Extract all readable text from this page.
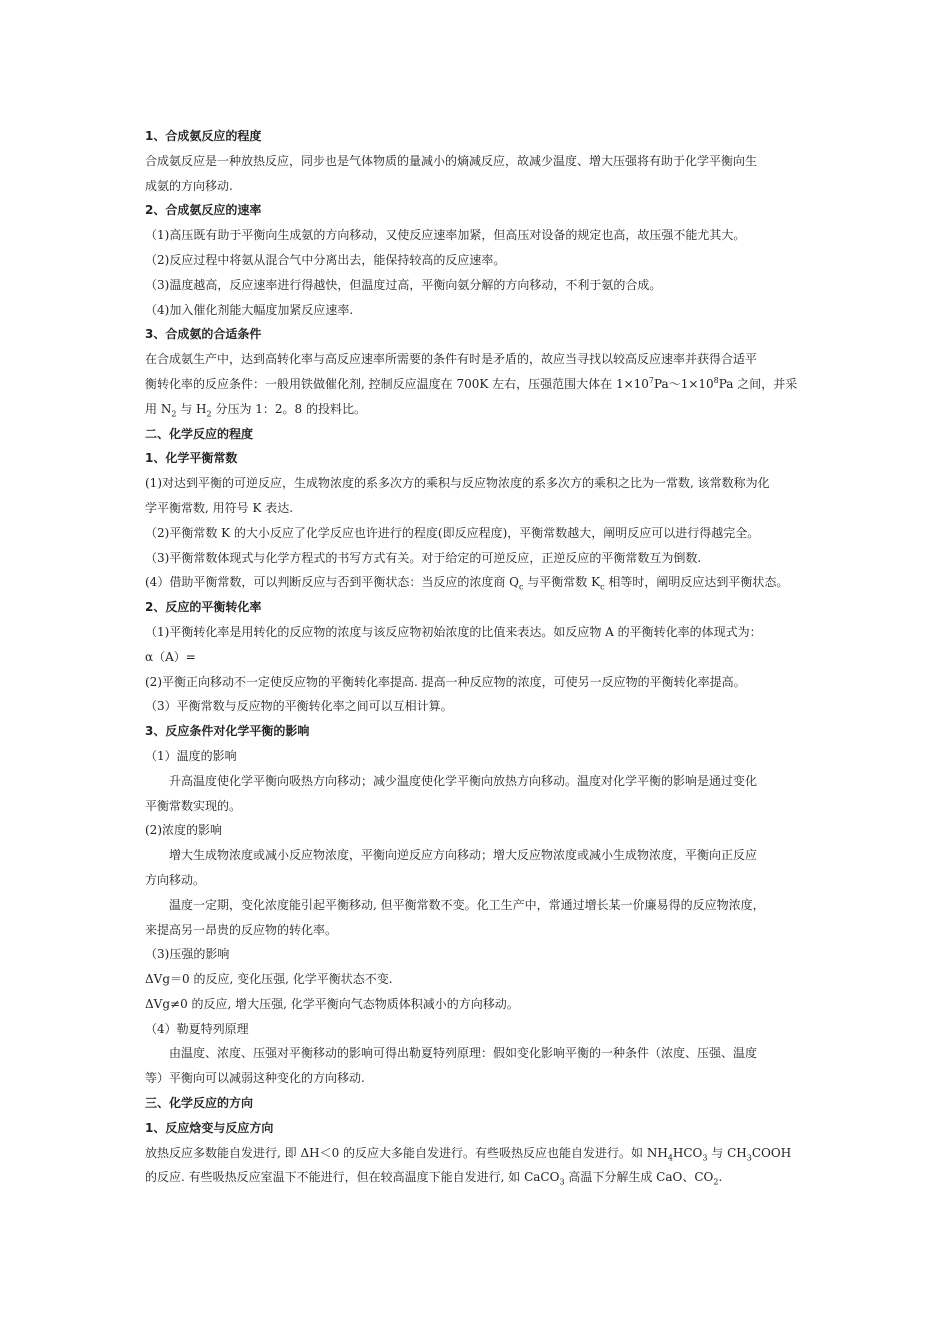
1、合成氨反应的程度
合成氨反应是一种放热反应，同步也是气体物质的量减小的熵减反应，故减少温度、增大压强将有助于化学平衡向生
成氨的方向移动.
2、合成氨反应的速率
（1)高压既有助于平衡向生成氨的方向移动，又使反应速率加紧，但高压对设备的规定也高，故压强不能尤其大。
（2)反应过程中将氨从混合气中分离出去，能保持较高的反应速率。
（3)温度越高，反应速率进行得越快，但温度过高，平衡向氨分解的方向移动，不利于氨的合成。
（4)加入催化剂能大幅度加紧反应速率.
3、合成氨的合适条件
在合成氨生产中，达到高转化率与高反应速率所需要的条件有时是矛盾的，故应当寻找以较高反应速率并获得合适平
衡转化率的反应条件：一般用铁做催化剂, 控制反应温度在 700K 左右，压强范围大体在 $1\times 10^7Pa\sim 1\times 10^8Pa$ 之间，并采
用 $N_2$ 与 $H_2$ 分压为 1：2。8 的投料比。
二、化学反应的程度
1、化学平衡常数
(1)对达到平衡的可逆反应，生成物浓度的系多次方的乘积与反应物浓度的系多次方的乘积之比为一常数, 该常数称为化
学平衡常数, 用符号 K 表达.
（2)平衡常数 K 的大小反应了化学反应也许进行的程度(即反应程度)，平衡常数越大，阐明反应可以进行得越完全。
（3)平衡常数体现式与化学方程式的书写方式有关。对于给定的可逆反应，正逆反应的平衡常数互为倒数.
(4）借助平衡常数，可以判断反应与否到平衡状态：当反应的浓度商 $Q_c$ 与平衡常数 $K_c$ 相等时，阐明反应达到平衡状态。
2、反应的平衡转化率
（1)平衡转化率是用转化的反应物的浓度与该反应物初始浓度的比值来表达。如反应物 A 的平衡转化率的体现式为：
α（A）=
(2)平衡正向移动不一定使反应物的平衡转化率提高. 提高一种反应物的浓度，可使另一反应物的平衡转化率提高。
（3）平衡常数与反应物的平衡转化率之间可以互相计算。
3、反应条件对化学平衡的影响
（1）温度的影响
升高温度使化学平衡向吸热方向移动；减少温度使化学平衡向放热方向移动。温度对化学平衡的影响是通过变化
平衡常数实现的。
(2)浓度的影响
增大生成物浓度或减小反应物浓度，平衡向逆反应方向移动；增大反应物浓度或减小生成物浓度，平衡向正反应
方向移动。
温度一定期，变化浓度能引起平衡移动, 但平衡常数不变。化工生产中，常通过增长某一价廉易得的反应物浓度，
来提高另一昂贵的反应物的转化率。
（3)压强的影响
ΔVg＝0 的反应, 变化压强, 化学平衡状态不变.
ΔVg≠0 的反应, 增大压强, 化学平衡向气态物质体积减小的方向移动。
（4）勒夏特列原理
由温度、浓度、压强对平衡移动的影响可得出勒夏特列原理：假如变化影响平衡的一种条件（浓度、压强、温度
等）平衡向可以减弱这种变化的方向移动.
三、化学反应的方向
1、反应焓变与反应方向
放热反应多数能自发进行, 即 ΔH＜0 的反应大多能自发进行。有些吸热反应也能自发进行。如 $NH_4HCO_3$ 与 $CH_3COOH$
的反应. 有些吸热反应室温下不能进行，但在较高温度下能自发进行, 如 CaCO$_3$ 高温下分解生成 CaO、$CO_2$.
